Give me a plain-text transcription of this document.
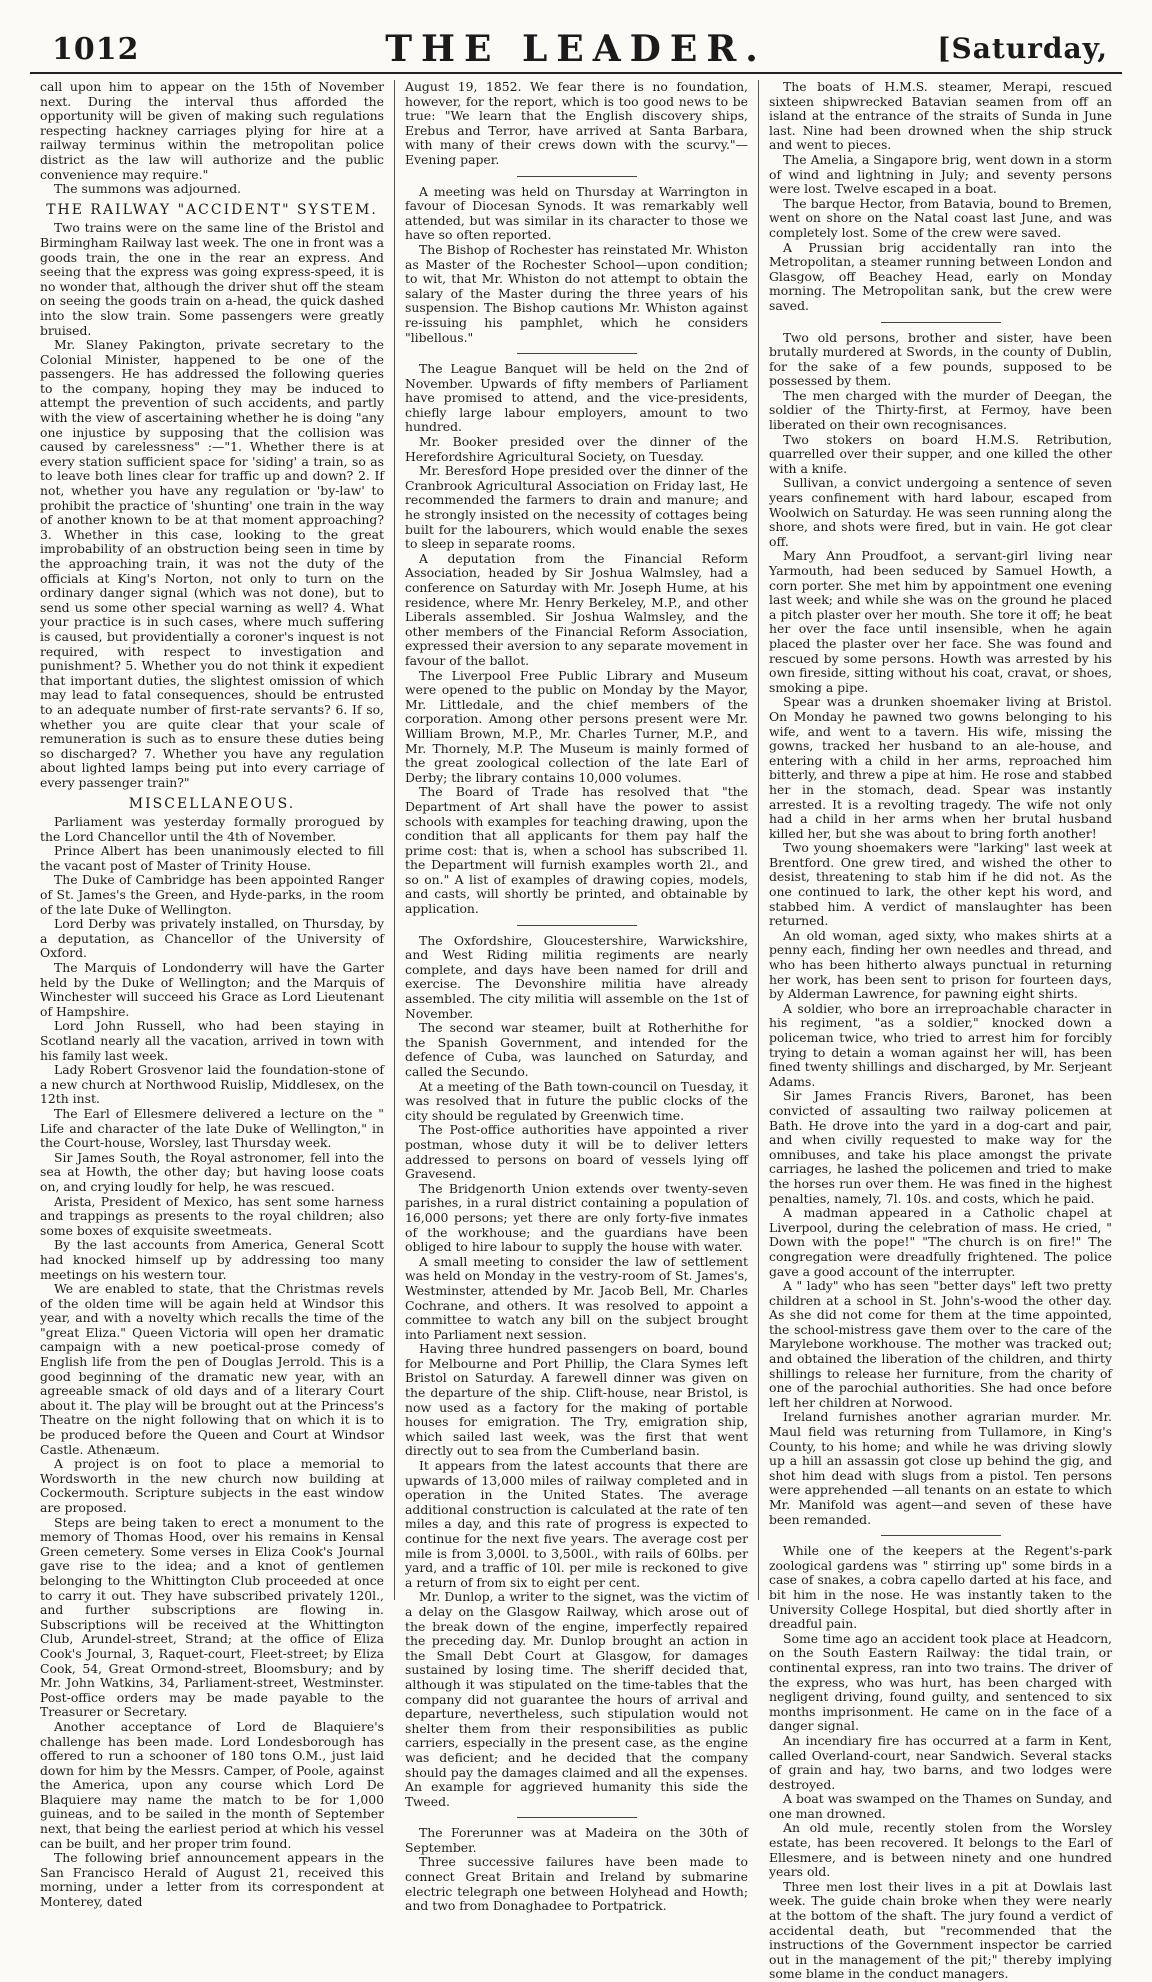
1012	THE LEADER.	[Saturday,

call upon him to appear on the 15th of November next. During the interval thus afforded the opportunity will be given of making such regulations respecting hackney carriages plying for hire at a railway terminus within the metropolitan police district as the law will authorize and the public convenience may require."

The summons was adjourned.

THE RAILWAY "ACCIDENT" SYSTEM.

Two trains were on the same line of the Bristol and Birmingham Railway last week. The one in front was a goods train, the one in the rear an express. And seeing that the express was going express-speed, it is no wonder that, although the driver shut off the steam on seeing the goods train on a-head, the quick dashed into the slow train. Some passengers were greatly bruised.

Mr. Slaney Pakington, private secretary to the Colonial Minister, happened to be one of the passengers. He has addressed the following queries to the company, hoping they may be induced to attempt the prevention of such accidents, and partly with the view of ascertaining whether he is doing "any one injustice by supposing that the collision was caused by carelessness" :—"1. Whether there is at every station sufficient space for 'siding' a train, so as to leave both lines clear for traffic up and down? 2. If not, whether you have any regulation or 'by-law' to prohibit the practice of 'shunting' one train in the way of another known to be at that moment approaching? 3. Whether in this case, looking to the great improbability of an obstruction being seen in time by the approaching train, it was not the duty of the officials at King's Norton, not only to turn on the ordinary danger signal (which was not done), but to send us some other special warning as well? 4. What your practice is in such cases, where much suffering is caused, but providentially a coroner's inquest is not required, with respect to investigation and punishment? 5. Whether you do not think it expedient that important duties, the slightest omission of which may lead to fatal consequences, should be entrusted to an adequate number of first-rate servants? 6. If so, whether you are quite clear that your scale of remuneration is such as to ensure these duties being so discharged? 7. Whether you have any regulation about lighted lamps being put into every carriage of every passenger train?"

MISCELLANEOUS.

Parliament was yesterday formally prorogued by the Lord Chancellor until the 4th of November.

Prince Albert has been unanimously elected to fill the vacant post of Master of Trinity House.

The Duke of Cambridge has been appointed Ranger of St. James's the Green, and Hyde-parks, in the room of the late Duke of Wellington.

Lord Derby was privately installed, on Thursday, by a deputation, as Chancellor of the University of Oxford.

The Marquis of Londonderry will have the Garter held by the Duke of Wellington; and the Marquis of Winchester will succeed his Grace as Lord Lieutenant of Hampshire.

Lord John Russell, who had been staying in Scotland nearly all the vacation, arrived in town with his family last week.

Lady Robert Grosvenor laid the foundation-stone of a new church at Northwood Ruislip, Middlesex, on the 12th inst.

The Earl of Ellesmere delivered a lecture on the " Life and character of the late Duke of Wellington," in the Court-house, Worsley, last Thursday week.

Sir James South, the Royal astronomer, fell into the sea at Howth, the other day; but having loose coats on, and crying loudly for help, he was rescued.

Arista, President of Mexico, has sent some harness and trappings as presents to the royal children; also some boxes of exquisite sweetmeats.

By the last accounts from America, General Scott had knocked himself up by addressing too many meetings on his western tour.

We are enabled to state, that the Christmas revels of the olden time will be again held at Windsor this year, and with a novelty which recalls the time of the "great Eliza." Queen Victoria will open her dramatic campaign with a new poetical-prose comedy of English life from the pen of Douglas Jerrold. This is a good beginning of the dramatic new year, with an agreeable smack of old days and of a literary Court about it. The play will be brought out at the Princess's Theatre on the night following that on which it is to be produced before the Queen and Court at Windsor Castle. Athenæum.

A project is on foot to place a memorial to Wordsworth in the new church now building at Cockermouth. Scripture subjects in the east window are proposed.

Steps are being taken to erect a monument to the memory of Thomas Hood, over his remains in Kensal Green cemetery. Some verses in Eliza Cook's Journal gave rise to the idea; and a knot of gentlemen belonging to the Whittington Club proceeded at once to carry it out. They have subscribed privately 120l., and further subscriptions are flowing in. Subscriptions will be received at the Whittington Club, Arundel-street, Strand; at the office of Eliza Cook's Journal, 3, Raquet-court, Fleet-street; by Eliza Cook, 54, Great Ormond-street, Bloomsbury; and by Mr. John Watkins, 34, Parliament-street, Westminster. Post-office orders may be made payable to the Treasurer or Secretary.

Another acceptance of Lord de Blaquiere's challenge has been made. Lord Londesborough has offered to run a schooner of 180 tons O.M., just laid down for him by the Messrs. Camper, of Poole, against the America, upon any course which Lord De Blaquiere may name the match to be for 1,000 guineas, and to be sailed in the month of September next, that being the earliest period at which his vessel can be built, and her proper trim found.

The following brief announcement appears in the San Francisco Herald of August 21, received this morning, under a letter from its correspondent at Monterey, dated

August 19, 1852. We fear there is no foundation, however, for the report, which is too good news to be true: "We learn that the English discovery ships, Erebus and Terror, have arrived at Santa Barbara, with many of their crews down with the scurvy."—Evening paper.

A meeting was held on Thursday at Warrington in favour of Diocesan Synods. It was remarkably well attended, but was similar in its character to those we have so often reported.

The Bishop of Rochester has reinstated Mr. Whiston as Master of the Rochester School—upon condition; to wit, that Mr. Whiston do not attempt to obtain the salary of the Master during the three years of his suspension. The Bishop cautions Mr. Whiston against re-issuing his pamphlet, which he considers "libellous."

The League Banquet will be held on the 2nd of November. Upwards of fifty members of Parliament have promised to attend, and the vice-presidents, chiefly large labour employers, amount to two hundred.

Mr. Booker presided over the dinner of the Herefordshire Agricultural Society, on Tuesday.

Mr. Beresford Hope presided over the dinner of the Cranbrook Agricultural Association on Friday last, He recommended the farmers to drain and manure; and he strongly insisted on the necessity of cottages being built for the labourers, which would enable the sexes to sleep in separate rooms.

A deputation from the Financial Reform Association, headed by Sir Joshua Walmsley, had a conference on Saturday with Mr. Joseph Hume, at his residence, where Mr. Henry Berkeley, M.P., and other Liberals assembled. Sir Joshua Walmsley, and the other members of the Financial Reform Association, expressed their aversion to any separate movement in favour of the ballot.

The Liverpool Free Public Library and Museum were opened to the public on Monday by the Mayor, Mr. Littledale, and the chief members of the corporation. Among other persons present were Mr. William Brown, M.P., Mr. Charles Turner, M.P., and Mr. Thornely, M.P. The Museum is mainly formed of the great zoological collection of the late Earl of Derby; the library contains 10,000 volumes.

The Board of Trade has resolved that "the Department of Art shall have the power to assist schools with examples for teaching drawing, upon the condition that all applicants for them pay half the prime cost: that is, when a school has subscribed 1l. the Department will furnish examples worth 2l., and so on." A list of examples of drawing copies, models, and casts, will shortly be printed, and obtainable by application.

The Oxfordshire, Gloucestershire, Warwickshire, and West Riding militia regiments are nearly complete, and days have been named for drill and exercise. The Devonshire militia have already assembled. The city militia will assemble on the 1st of November.

The second war steamer, built at Rotherhithe for the Spanish Government, and intended for the defence of Cuba, was launched on Saturday, and called the Secundo.

At a meeting of the Bath town-council on Tuesday, it was resolved that in future the public clocks of the city should be regulated by Greenwich time.

The Post-office authorities have appointed a river postman, whose duty it will be to deliver letters addressed to persons on board of vessels lying off Gravesend.

The Bridgenorth Union extends over twenty-seven parishes, in a rural district containing a population of 16,000 persons; yet there are only forty-five inmates of the workhouse; and the guardians have been obliged to hire labour to supply the house with water.

A small meeting to consider the law of settlement was held on Monday in the vestry-room of St. James's, Westminster, attended by Mr. Jacob Bell, Mr. Charles Cochrane, and others. It was resolved to appoint a committee to watch any bill on the subject brought into Parliament next session.

Having three hundred passengers on board, bound for Melbourne and Port Phillip, the Clara Symes left Bristol on Saturday. A farewell dinner was given on the departure of the ship. Clift-house, near Bristol, is now used as a factory for the making of portable houses for emigration. The Try, emigration ship, which sailed last week, was the first that went directly out to sea from the Cumberland basin.

It appears from the latest accounts that there are upwards of 13,000 miles of railway completed and in operation in the United States. The average additional construction is calculated at the rate of ten miles a day, and this rate of progress is expected to continue for the next five years. The average cost per mile is from 3,000l. to 3,500l., with rails of 60lbs. per yard, and a traffic of 10l. per mile is reckoned to give a return of from six to eight per cent.

Mr. Dunlop, a writer to the signet, was the victim of a delay on the Glasgow Railway, which arose out of the break down of the engine, imperfectly repaired the preceding day. Mr. Dunlop brought an action in the Small Debt Court at Glasgow, for damages sustained by losing time. The sheriff decided that, although it was stipulated on the time-tables that the company did not guarantee the hours of arrival and departure, nevertheless, such stipulation would not shelter them from their responsibilities as public carriers, especially in the present case, as the engine was deficient; and he decided that the company should pay the damages claimed and all the expenses. An example for aggrieved humanity this side the Tweed.

The Forerunner was at Madeira on the 30th of September.

Three successive failures have been made to connect Great Britain and Ireland by submarine electric telegraph one between Holyhead and Howth; and two from Donaghadee to Portpatrick.

The boats of H.M.S. steamer, Merapi, rescued sixteen shipwrecked Batavian seamen from off an island at the entrance of the straits of Sunda in June last. Nine had been drowned when the ship struck and went to pieces.

The Amelia, a Singapore brig, went down in a storm of wind and lightning in July; and seventy persons were lost. Twelve escaped in a boat.

The barque Hector, from Batavia, bound to Bremen, went on shore on the Natal coast last June, and was completely lost. Some of the crew were saved.

A Prussian brig accidentally ran into the Metropolitan, a steamer running between London and Glasgow, off Beachey Head, early on Monday morning. The Metropolitan sank, but the crew were saved.

Two old persons, brother and sister, have been brutally murdered at Swords, in the county of Dublin, for the sake of a few pounds, supposed to be possessed by them.

The men charged with the murder of Deegan, the soldier of the Thirty-first, at Fermoy, have been liberated on their own recognisances.

Two stokers on board H.M.S. Retribution, quarrelled over their supper, and one killed the other with a knife.

Sullivan, a convict undergoing a sentence of seven years confinement with hard labour, escaped from Woolwich on Saturday. He was seen running along the shore, and shots were fired, but in vain. He got clear off.

Mary Ann Proudfoot, a servant-girl living near Yarmouth, had been seduced by Samuel Howth, a corn porter. She met him by appointment one evening last week; and while she was on the ground he placed a pitch plaster over her mouth. She tore it off; he beat her over the face until insensible, when he again placed the plaster over her face. She was found and rescued by some persons. Howth was arrested by his own fireside, sitting without his coat, cravat, or shoes, smoking a pipe.

Spear was a drunken shoemaker living at Bristol. On Monday he pawned two gowns belonging to his wife, and went to a tavern. His wife, missing the gowns, tracked her husband to an ale-house, and entering with a child in her arms, reproached him bitterly, and threw a pipe at him. He rose and stabbed her in the stomach, dead. Spear was instantly arrested. It is a revolting tragedy. The wife not only had a child in her arms when her brutal husband killed her, but she was about to bring forth another!

Two young shoemakers were "larking" last week at Brentford. One grew tired, and wished the other to desist, threatening to stab him if he did not. As the one continued to lark, the other kept his word, and stabbed him. A verdict of manslaughter has been returned.

An old woman, aged sixty, who makes shirts at a penny each, finding her own needles and thread, and who has been hitherto always punctual in returning her work, has been sent to prison for fourteen days, by Alderman Lawrence, for pawning eight shirts.

A soldier, who bore an irreproachable character in his regiment, "as a soldier," knocked down a policeman twice, who tried to arrest him for forcibly trying to detain a woman against her will, has been fined twenty shillings and discharged, by Mr. Serjeant Adams.

Sir James Francis Rivers, Baronet, has been convicted of assaulting two railway policemen at Bath. He drove into the yard in a dog-cart and pair, and when civilly requested to make way for the omnibuses, and take his place amongst the private carriages, he lashed the policemen and tried to make the horses run over them. He was fined in the highest penalties, namely, 7l. 10s. and costs, which he paid.

A madman appeared in a Catholic chapel at Liverpool, during the celebration of mass. He cried, " Down with the pope!" "The church is on fire!" The congregation were dreadfully frightened. The police gave a good account of the interrupter.

A " lady" who has seen "better days" left two pretty children at a school in St. John's-wood the other day. As she did not come for them at the time appointed, the school-mistress gave them over to the care of the Marylebone workhouse. The mother was tracked out; and obtained the liberation of the children, and thirty shillings to release her furniture, from the charity of one of the parochial authorities. She had once before left her children at Norwood.

Ireland furnishes another agrarian murder. Mr. Maul field was returning from Tullamore, in King's County, to his home; and while he was driving slowly up a hill an assassin got close up behind the gig, and shot him dead with slugs from a pistol. Ten persons were apprehended —all tenants on an estate to which Mr. Manifold was agent—and seven of these have been remanded.

While one of the keepers at the Regent's-park zoological gardens was " stirring up" some birds in a case of snakes, a cobra capello darted at his face, and bit him in the nose. He was instantly taken to the University College Hospital, but died shortly after in dreadful pain.

Some time ago an accident took place at Headcorn, on the South Eastern Railway: the tidal train, or continental express, ran into two trains. The driver of the express, who was hurt, has been charged with negligent driving, found guilty, and sentenced to six months imprisonment. He came on in the face of a danger signal.

An incendiary fire has occurred at a farm in Kent, called Overland-court, near Sandwich. Several stacks of grain and hay, two barns, and two lodges were destroyed.

A boat was swamped on the Thames on Sunday, and one man drowned.

An old mule, recently stolen from the Worsley estate, has been recovered. It belongs to the Earl of Ellesmere, and is between ninety and one hundred years old.

Three men lost their lives in a pit at Dowlais last week. The guide chain broke when they were nearly at the bottom of the shaft. The jury found a verdict of accidental death, but "recommended that the instructions of the Government inspector be carried out in the management of the pit;" thereby implying some blame in the conduct managers.
